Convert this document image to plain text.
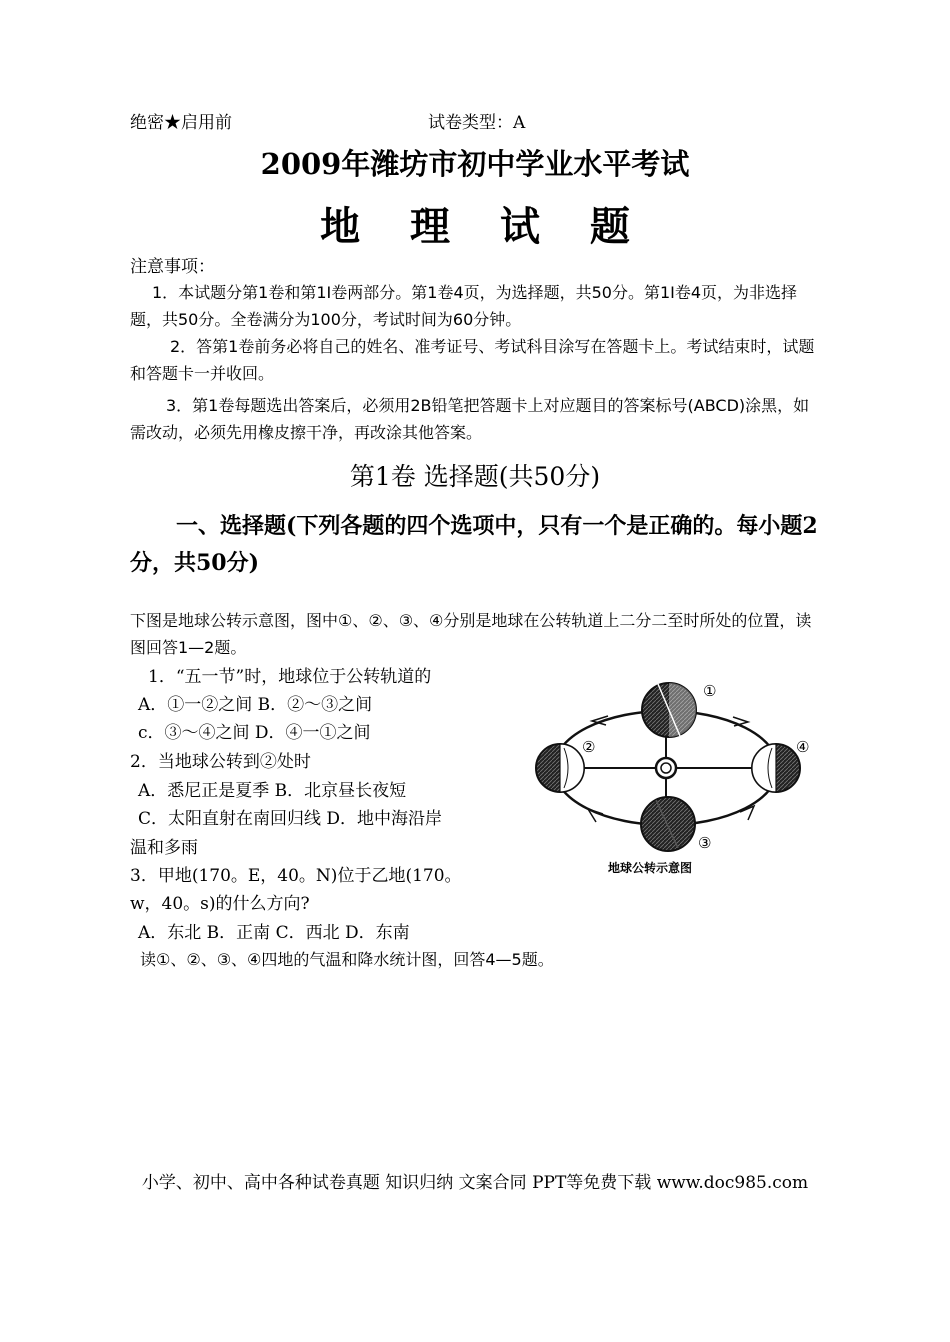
绝密★启用前	试卷类型：A
2009年潍坊市初中学业水平考试
地 理 试 题
注意事项：
1．本试题分第1卷和第1I卷两部分。第1卷4页，为选择题，共50分。第1I卷4页，为非选择题，共50分。全卷满分为100分，考试时间为60分钟。
2．答第1卷前务必将自己的姓名、准考证号、考试科目涂写在答题卡上。考试结束时，试题和答题卡一并收回。
3．第1卷每题选出答案后，必须用2B铅笔把答题卡上对应题目的答案标号(ABCD)涂黑，如需改动，必须先用橡皮擦干净，再改涂其他答案。
第1卷 选择题(共50分)
一、选择题(下列各题的四个选项中，只有一个是正确的。每小题2分，共50分)
下图是地球公转示意图，图中①、②、③、④分别是地球在公转轨道上二分二至时所处的位置，读图回答1—2题。
1．“五一节”时，地球位于公转轨道的
A．①一②之间 B．②～③之间
c．③～④之间 D．④一①之间
2．当地球公转到②处时
A．悉尼正是夏季 B．北京昼长夜短
C．太阳直射在南回归线 D．地中海沿岸
温和多雨
3．甲地(170。E，40。N)位于乙地(170。
w，40。s)的什么方向?
A．东北 B．正南 C．西北 D．东南
读①、②、③、④四地的气温和降水统计图，回答4—5题。
①
②
③
④
地球公转示意图
小学、初中、高中各种试卷真题 知识归纳 文案合同 PPT等免费下载 www.doc985.com
